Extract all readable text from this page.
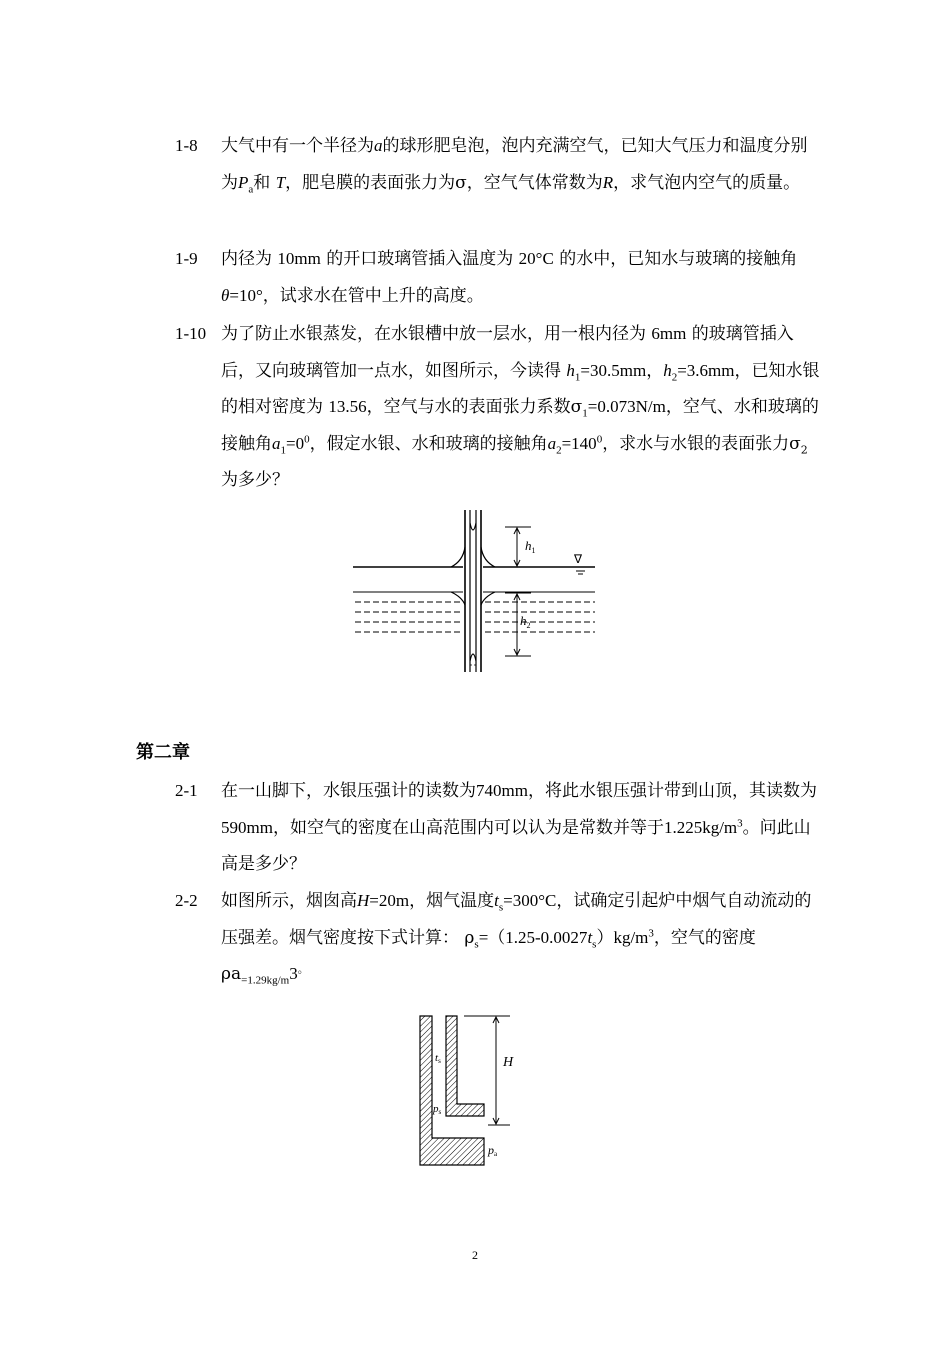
1-8	大气中有一个半径为a的球形肥皂泡，泡内充满空气，已知大气压力和温度分别为$P_a$和 T，肥皂膜的表面张力为σ，空气气体常数为R，求气泡内空气的质量。
1-9	内径为 10mm 的开口玻璃管插入温度为 20°C 的水中，已知水与玻璃的接触角 θ=10°，试求水在管中上升的高度。
1-10 为了防止水银蒸发，在水银槽中放一层水，用一根内径为 6mm 的玻璃管插入后，又向玻璃管加一点水，如图所示，今读得 $h_1=30.5mm$，$h_2=3.6mm$，已知水银的相对密度为 13.56，空气与水的表面张力系数$\sigma_1=0.073N/m$，空气、水和玻璃的接触角$a_1=0^0$，假定水银、水和玻璃的接触角$a_2=140^0$，求水与水银的表面张力$\sigma_2$为多少？
$h_1$
∇
$h_2$
第二章
2-1	在一山脚下，水银压强计的读数为740mm，将此水银压强计带到山顶，其读数为 590mm，如空气的密度在山高范围内可以认为是常数并等于$1.225kg/m^3$。问此山高是多少？
2-2	如图所示，烟囱高H=20m，烟气温度$t_s=300^\circ C$，试确定引起炉中烟气自动流动的压强差。烟气密度按下式计算： $\rho_s=(1.25-0.0027t_s)kg/m^3$，空气的密度$\rho a_{=1.29kg/m}3^。$
H
ts
ps
pa
2
